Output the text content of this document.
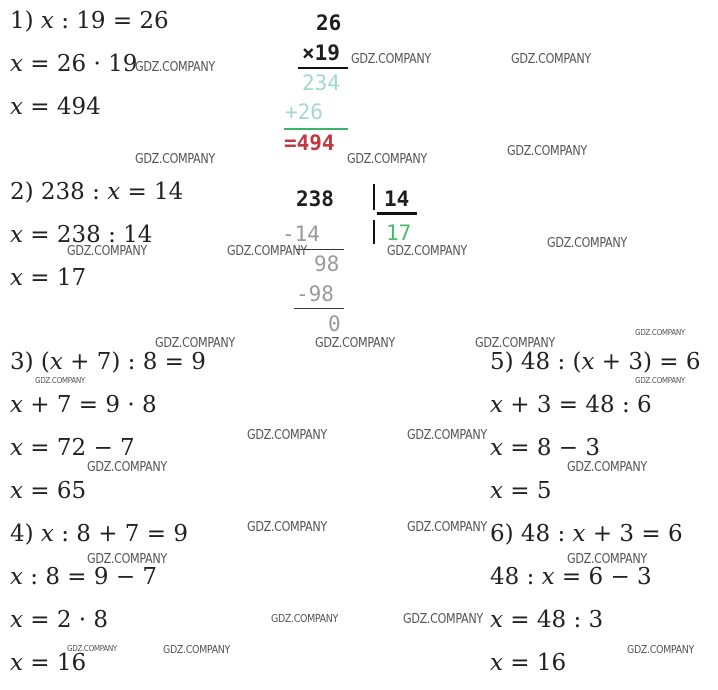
1) 𝑥 : 19 = 26
𝑥 = 26 · 19
𝑥 = 494
26
×19
234
+26
=494
2) 238 : 𝑥 = 14
𝑥 = 238 : 14
𝑥 = 17
238 14
17
-14
98
-98
0
3) (𝑥 + 7) : 8 = 9
𝑥 + 7 = 9 · 8
𝑥 = 72 − 7
𝑥 = 65
4) 𝑥 : 8 + 7 = 9
𝑥 : 8 = 9 − 7
𝑥 = 2 · 8
𝑥 = 16
5) 48 : (𝑥 + 3) = 6
𝑥 + 3 = 48 : 6
𝑥 = 8 − 3
𝑥 = 5
6) 48 : 𝑥 + 3 = 6
48 : 𝑥 = 6 − 3
𝑥 = 48 : 3
𝑥 = 16
GDZ.COMPANY
GDZ.COMPANY	GDZ.COMPANY
GDZ.COMPANY	GDZ.COMPANY
GDZ.COMPANY
GDZ.COMPANY	GDZ.COMPANY	GDZ.COMPANY
GDZ.COMPANY
GDZ.COMPANY	GDZ.COMPANY	GDZ.COMPANY
GDZ.COMPANY
GDZ.COMPANY	GDZ.COMPANY
GDZ.COMPANY	GDZ.COMPANY
GDZ.COMPANY	GDZ.COMPANY
GDZ.COMPANY	GDZ.COMPANY
GDZ.COMPANY	GDZ.COMPANY
GDZ.COMPANY	GDZ.COMPANY
GDZ.COMPANY	GDZ.COMPANY	GDZ.COMPANY
